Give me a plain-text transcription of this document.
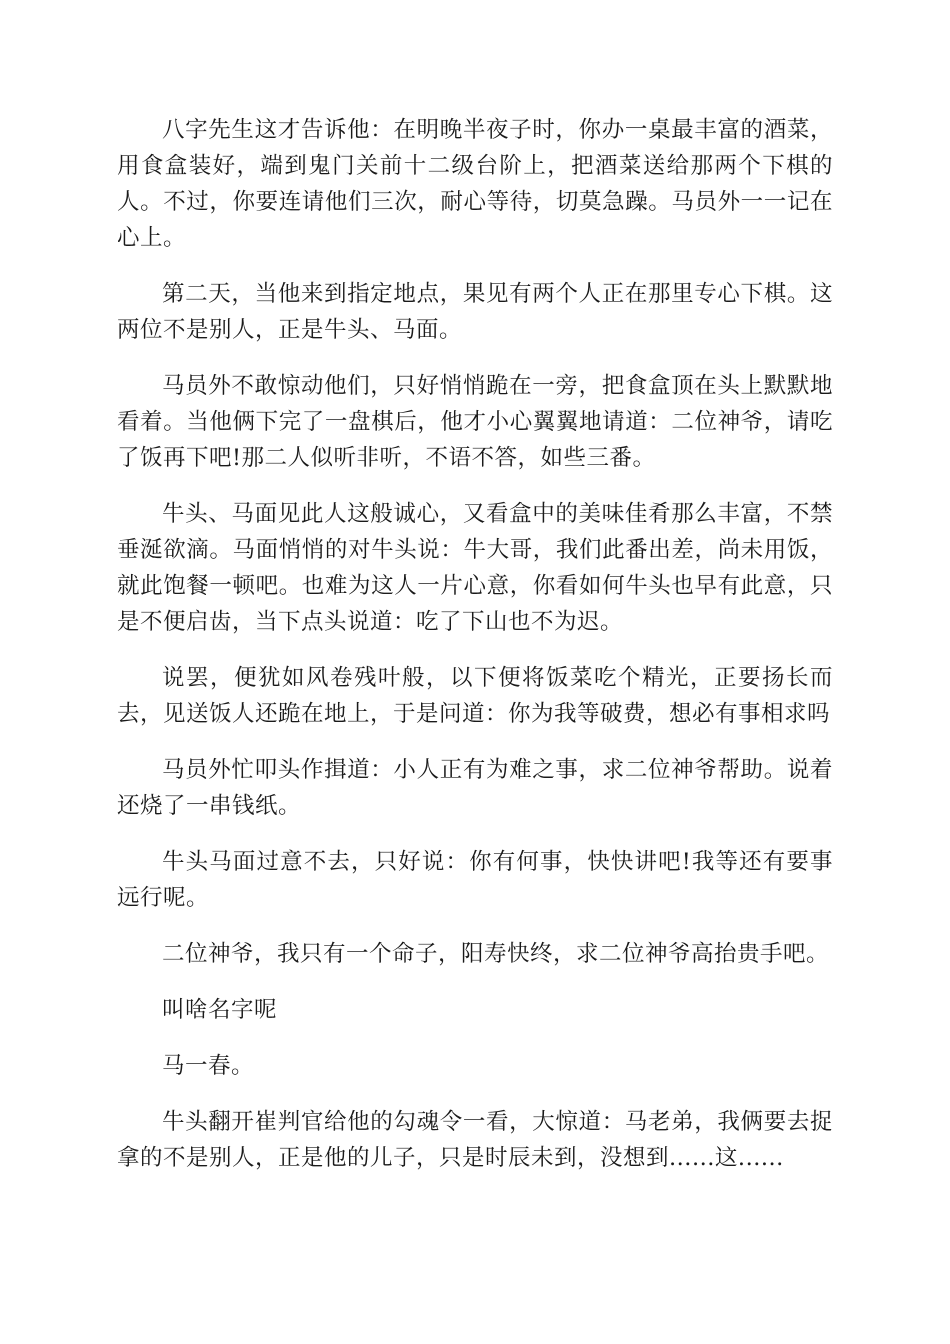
八字先生这才告诉他：在明晚半夜子时，你办一桌最丰富的酒菜，用食盒装好，端到鬼门关前十二级台阶上，把酒菜送给那两个下棋的人。不过，你要连请他们三次，耐心等待，切莫急躁。马员外一一记在心上。

第二天，当他来到指定地点，果见有两个人正在那里专心下棋。这两位不是别人，正是牛头、马面。

马员外不敢惊动他们，只好悄悄跪在一旁，把食盒顶在头上默默地看着。当他俩下完了一盘棋后，他才小心翼翼地请道：二位神爷，请吃了饭再下吧!那二人似听非听，不语不答，如些三番。

牛头、马面见此人这般诚心，又看盒中的美味佳肴那么丰富，不禁垂涎欲滴。马面悄悄的对牛头说：牛大哥，我们此番出差，尚未用饭，就此饱餐一顿吧。也难为这人一片心意，你看如何牛头也早有此意，只是不便启齿，当下点头说道：吃了下山也不为迟。

说罢，便犹如风卷残叶般，以下便将饭菜吃个精光，正要扬长而去，见送饭人还跪在地上，于是问道：你为我等破费，想必有事相求吗

马员外忙叩头作揖道：小人正有为难之事，求二位神爷帮助。说着还烧了一串钱纸。

牛头马面过意不去，只好说：你有何事，快快讲吧!我等还有要事远行呢。

二位神爷，我只有一个命子，阳寿快终，求二位神爷高抬贵手吧。

叫啥名字呢

马一春。

牛头翻开崔判官给他的勾魂令一看，大惊道：马老弟，我俩要去捉拿的不是别人，正是他的儿子，只是时辰未到，没想到......这......
